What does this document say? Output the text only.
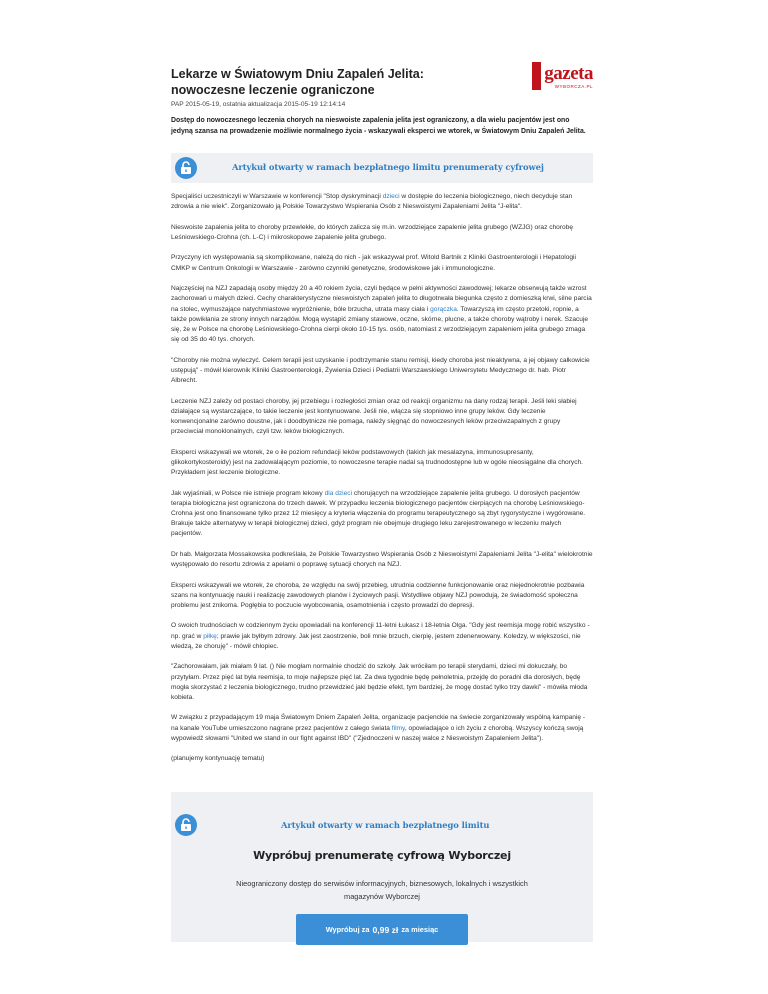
Lekarze w Światowym Dniu Zapaleń Jelita:
nowoczesne leczenie ograniczone
gazeta
WYBORCZA.PL
PAP 2015-05-19, ostatnia aktualizacja 2015-05-19 12:14:14
Dostęp do nowoczesnego leczenia chorych na nieswoiste zapalenia jelita jest ograniczony, a dla wielu pacjentów jest ono jedyną szansa na prowadzenie możliwie normalnego życia - wskazywali eksperci we wtorek, w Światowym Dniu Zapaleń Jelita.
Artykuł otwarty w ramach bezpłatnego limitu prenumeraty cyfrowej

Specjaliści uczestniczyli w Warszawie w konferencji "Stop dyskryminacji dzieci w dostępie do leczenia biologicznego, niech decyduje stan zdrowia a nie wiek". Zorganizowało ją Polskie Towarzystwo Wspierania Osób z Nieswoistymi Zapaleniami Jelita "J-elita".

Nieswoiste zapalenia jelita to choroby przewlekłe, do których zalicza się m.in. wrzodziejące zapalenie jelita grubego (WZJG) oraz chorobę Leśniowskiego-Crohna (ch. L-C) i mikroskopowe zapalenie jelita grubego.

Przyczyny ich występowania są skomplikowane, należą do nich - jak wskazywał prof. Witold Bartnik z Kliniki Gastroenterologii i Hepatologii CMKP w Centrum Onkologii w Warszawie - zarówno czynniki genetyczne, środowiskowe jak i immunologiczne.

Najczęściej na NZJ zapadają osoby między 20 a 40 rokiem życia, czyli będące w pełni aktywności zawodowej; lekarze obserwują także wzrost zachorowań u małych dzieci. Cechy charakterystyczne nieswoistych zapaleń jelita to długotrwała biegunka często z domieszką krwi, silne parcia na stolec, wymuszające natychmiastowe wypróżnienie, bóle brzucha, utrata masy ciała i gorączka. Towarzyszą im często przetoki, ropnie, a także powikłania ze strony innych narządów. Mogą wystąpić zmiany stawowe, oczne, skórne, płucne, a także choroby wątroby i nerek. Szacuje się, że w Polsce na chorobę Leśniowskiego-Crohna cierpi około 10-15 tys. osób, natomiast z wrzodziejącym zapaleniem jelita grubego zmaga się od 35 do 40 tys. chorych.

"Choroby nie można wyleczyć. Celem terapii jest uzyskanie i podtrzymanie stanu remisji, kiedy choroba jest nieaktywna, a jej objawy całkowicie ustępują" - mówił kierownik Kliniki Gastroenterologii, Żywienia Dzieci i Pediatrii Warszawskiego Uniwersytetu Medycznego dr. hab. Piotr Albrecht.

Leczenie NZJ zależy od postaci choroby, jej przebiegu i rozległości zmian oraz od reakcji organizmu na dany rodzaj terapii. Jeśli leki słabiej działające są wystarczające, to takie leczenie jest kontynuowane. Jeśli nie, włącza się stopniowo inne grupy leków. Gdy leczenie konwencjonalne zarówno doustne, jak i doodbytnicze nie pomaga, należy sięgnąć do nowoczesnych leków przeciwzapalnych z grupy przeciwciał monoklonalnych, czyli tzw. leków biologicznych.

Eksperci wskazywali we wtorek, że o ile poziom refundacji leków podstawowych (takich jak mesalazyna, immunosupresanty, glikokortykosteroidy) jest na zadowalającym poziomie, to nowoczesne terapie nadal są trudnodostępne lub w ogóle nieosiągalne dla chorych. Przykładem jest leczenie biologiczne.

Jak wyjaśniali, w Polsce nie istnieje program lekowy dla dzieci chorujących na wrzodziejące zapalenie jelita grubego. U dorosłych pacjentów terapia biologiczna jest ograniczona do trzech dawek. W przypadku leczenia biologicznego pacjentów cierpiących na chorobę Leśniowskiego-Crohna jest ono finansowane tylko przez 12 miesięcy a kryteria włączenia do programu terapeutycznego są zbyt rygorystyczne i wygórowane. Brakuje także alternatywy w terapii biologicznej dzieci, gdyż program nie obejmuje drugiego leku zarejestrowanego w leczeniu małych pacjentów.

Dr hab. Małgorzata Mossakowska podkreślała, że Polskie Towarzystwo Wspierania Osób z Nieswoistymi Zapaleniami Jelita "J-elita" wielokrotnie występowało do resortu zdrowia z apelami o poprawę sytuacji chorych na NZJ.

Eksperci wskazywali we wtorek, że choroba, ze względu na swój przebieg, utrudnia codzienne funkcjonowanie oraz niejednokrotnie pozbawia szans na kontynuację nauki i realizację zawodowych planów i życiowych pasji. Wstydliwe objawy NZJ powodują, że świadomość społeczna problemu jest znikoma. Pogłębia to poczucie wyobcowania, osamotnienia i często prowadzi do depresji.

O swoich trudnościach w codziennym życiu opowiadali na konferencji 11-letni Łukasz i 18-letnia Olga. "Gdy jest reemisja mogę robić wszystko - np. grać w piłkę; prawie jak byłbym zdrowy. Jak jest zaostrzenie, boli mnie brzuch, cierpię, jestem zdenerwowany. Koledzy, w większości, nie wiedzą, że choruję" - mówił chłopiec.

"Zachorowałam, jak miałam 9 lat. () Nie mogłam normalnie chodzić do szkoły. Jak wróciłam po terapii sterydami, dzieci mi dokuczały, bo przytyłam. Przez pięć lat była reemisja, to moje najlepsze pięć lat. Za dwa tygodnie będę pełnoletnia, przejdę do poradni dla dorosłych, będę mogła skorzystać z leczenia biologicznego, trudno przewidzieć jaki będzie efekt, tym bardziej, że mogę dostać tylko trzy dawki" - mówiła młoda kobieta.

W związku z przypadającym 19 maja Światowym Dniem Zapaleń Jelita, organizacje pacjenckie na świecie zorganizowały wspólną kampanię - na kanale YouTube umieszczono nagrane przez pacjentów z całego świata filmy, opowiadające o ich życiu z chorobą. Wszyscy kończą swoją wypowiedź słowami "United we stand in our fight against IBD" ("Zjednoczeni w naszej walce z Nieswoistym Zapaleniem Jelita").

(planujemy kontynuację tematu)

Artykuł otwarty w ramach bezpłatnego limitu
Wypróbuj prenumeratę cyfrową Wyborczej
Nieograniczony dostęp do serwisów informacyjnych, biznesowych, lokalnych i wszystkich magazynów Wyborczej
Wypróbuj za 0,99 zł za miesiąc
